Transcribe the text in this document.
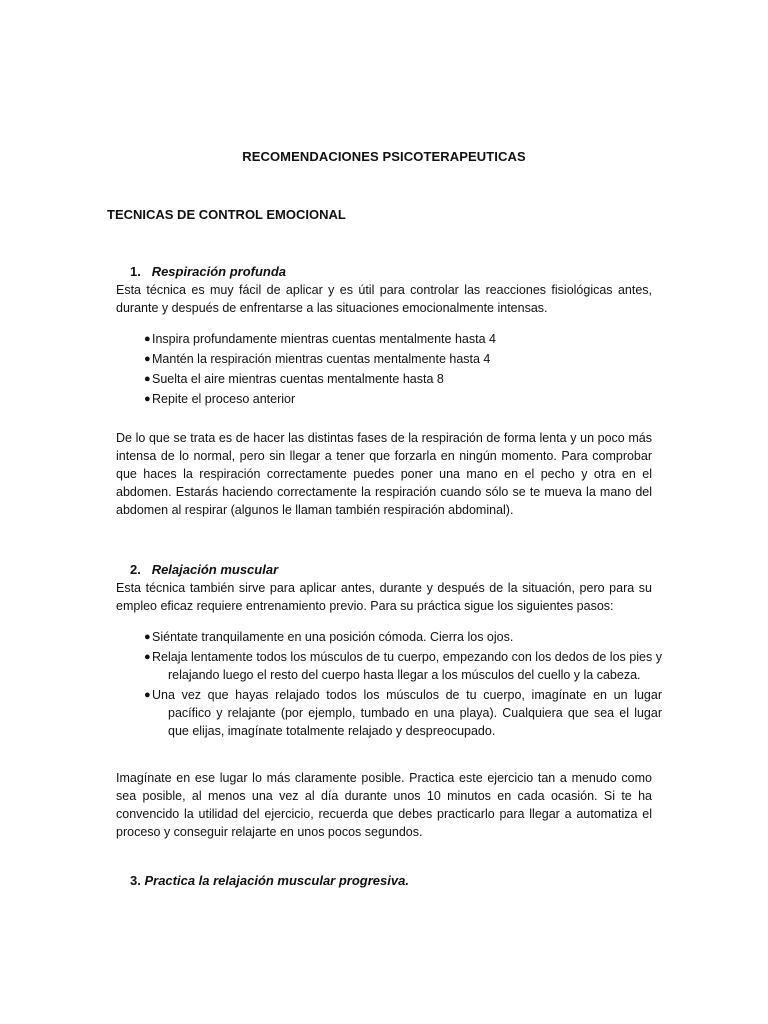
RECOMENDACIONES PSICOTERAPEUTICAS
TECNICAS DE CONTROL EMOCIONAL
1. Respiración profunda
Esta técnica es muy fácil de aplicar y es útil para controlar las reacciones fisiológicas antes, durante y después de enfrentarse a las situaciones emocionalmente intensas.
● Inspira profundamente mientras cuentas mentalmente hasta 4
● Mantén la respiración mientras cuentas mentalmente hasta 4
● Suelta el aire mientras cuentas mentalmente hasta 8
● Repite el proceso anterior
De lo que se trata es de hacer las distintas fases de la respiración de forma lenta y un poco más intensa de lo normal, pero sin llegar a tener que forzarla en ningún momento. Para comprobar que haces la respiración correctamente puedes poner una mano en el pecho y otra en el abdomen. Estarás haciendo correctamente la respiración cuando sólo se te mueva la mano del abdomen al respirar (algunos le llaman también respiración abdominal).
2. Relajación muscular
Esta técnica también sirve para aplicar antes, durante y después de la situación, pero para su empleo eficaz requiere entrenamiento previo. Para su práctica sigue los siguientes pasos:
● Siéntate tranquilamente en una posición cómoda. Cierra los ojos.
● Relaja lentamente todos los músculos de tu cuerpo, empezando con los dedos de los pies y relajando luego el resto del cuerpo hasta llegar a los músculos del cuello y la cabeza.
● Una vez que hayas relajado todos los músculos de tu cuerpo, imagínate en un lugar pacífico y relajante (por ejemplo, tumbado en una playa). Cualquiera que sea el lugar que elijas, imagínate totalmente relajado y despreocupado.
Imagínate en ese lugar lo más claramente posible. Practica este ejercicio tan a menudo como sea posible, al menos una vez al día durante unos 10 minutos en cada ocasión. Si te ha convencido la utilidad del ejercicio, recuerda que debes practicarlo para llegar a automatiza el proceso y conseguir relajarte en unos pocos segundos.
3. Practica la relajación muscular progresiva.
